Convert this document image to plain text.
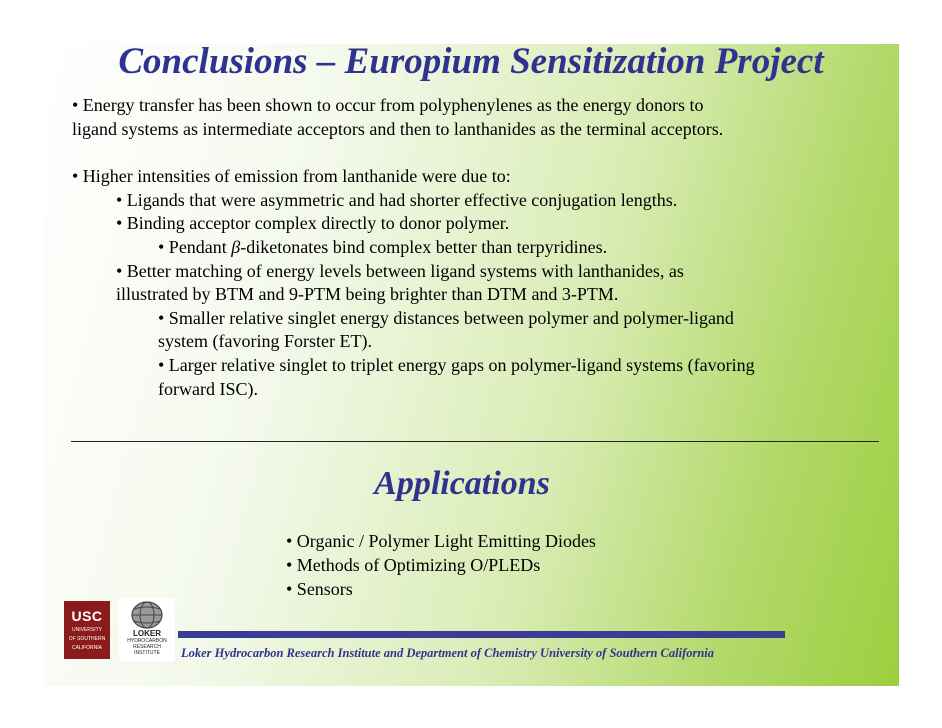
Conclusions – Europium Sensitization Project

• Energy transfer has been shown to occur from polyphenylenes as the energy donors to

ligand systems as intermediate acceptors and then to lanthanides as the terminal acceptors.

• Higher intensities of emission from lanthanide were due to:

• Ligands that were asymmetric and had shorter effective conjugation lengths.

• Binding acceptor complex directly to donor polymer.

• Pendant β-diketonates bind complex better than terpyridines.

• Better matching of energy levels between ligand systems with lanthanides, as

illustrated by BTM and 9-PTM being brighter than DTM and 3-PTM.

• Smaller relative singlet energy distances between polymer and polymer-ligand

system (favoring Forster ET).

• Larger relative singlet to triplet energy gaps on polymer-ligand systems (favoring

forward ISC).

Applications

• Organic / Polymer Light Emitting Diodes

• Methods of Optimizing O/PLEDs

• Sensors

USC
UNIVERSITY
OF SOUTHERN
CALIFORNIA
LOKER
HYDROCARBON
RESEARCH
INSTITUTE	Loker Hydrocarbon Research Institute and Department of Chemistry University of Southern California
